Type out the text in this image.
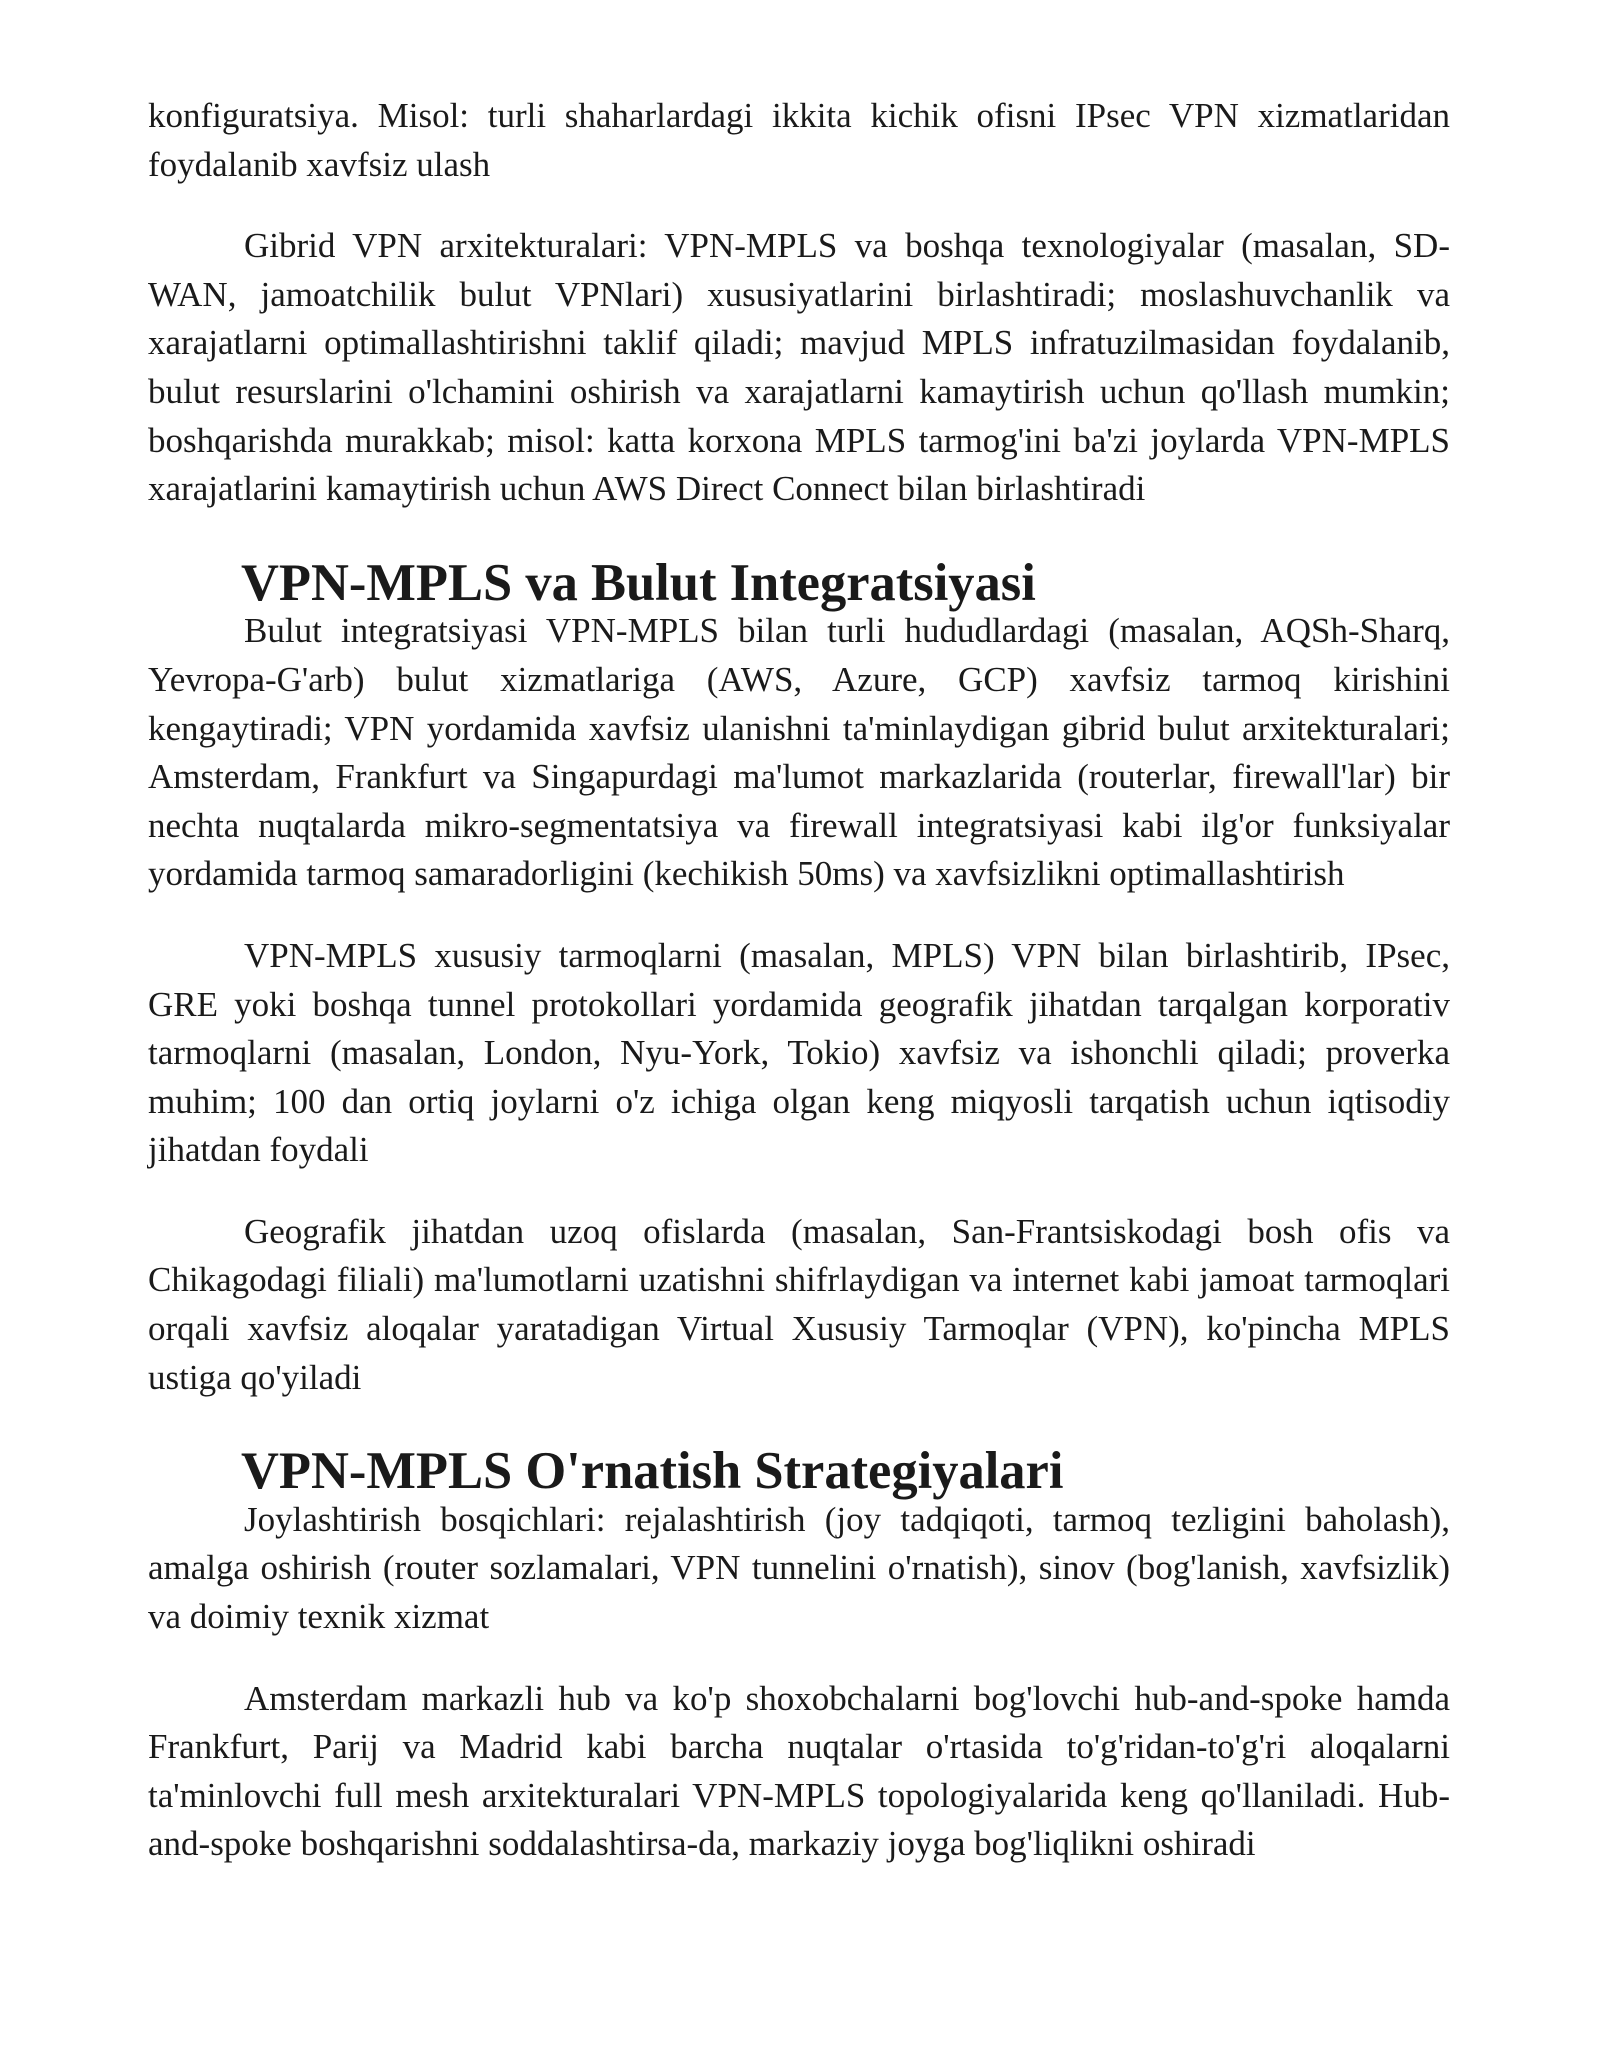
konfiguratsiya. Misol: turli shaharlardagi ikkita kichik ofisni IPsec VPN xizmatlaridan foydalanib xavfsiz ulash

Gibrid VPN arxitekturalari: VPN-MPLS va boshqa texnologiyalar (masalan, SD-WAN, jamoatchilik bulut VPNlari) xususiyatlarini birlashtiradi; moslashuvchanlik va xarajatlarni optimallashtirishni taklif qiladi; mavjud MPLS infratuzilmasidan foydalanib, bulut resurslarini o'lchamini oshirish va xarajatlarni kamaytirish uchun qo'llash mumkin; boshqarishda murakkab; misol: katta korxona MPLS tarmog'ini ba'zi joylarda VPN-MPLS xarajatlarini kamaytirish uchun AWS Direct Connect bilan birlashtiradi

VPN-MPLS va Bulut Integratsiyasi

Bulut integratsiyasi VPN-MPLS bilan turli hududlardagi (masalan, AQSh-Sharq, Yevropa-G'arb) bulut xizmatlariga (AWS, Azure, GCP) xavfsiz tarmoq kirishini kengaytiradi; VPN yordamida xavfsiz ulanishni ta'minlaydigan gibrid bulut arxitekturalari; Amsterdam, Frankfurt va Singapurdagi ma'lumot markazlarida (routerlar, firewall'lar) bir nechta nuqtalarda mikro-segmentatsiya va firewall integratsiyasi kabi ilg'or funksiyalar yordamida tarmoq samaradorligini (kechikish 50ms) va xavfsizlikni optimallashtirish

VPN-MPLS xususiy tarmoqlarni (masalan, MPLS) VPN bilan birlashtirib, IPsec, GRE yoki boshqa tunnel protokollari yordamida geografik jihatdan tarqalgan korporativ tarmoqlarni (masalan, London, Nyu-York, Tokio) xavfsiz va ishonchli qiladi; proverka muhim; 100 dan ortiq joylarni o'z ichiga olgan keng miqyosli tarqatish uchun iqtisodiy jihatdan foydali

Geografik jihatdan uzoq ofislarda (masalan, San-Frantsiskodagi bosh ofis va Chikagodagi filiali) ma'lumotlarni uzatishni shifrlaydigan va internet kabi jamoat tarmoqlari orqali xavfsiz aloqalar yaratadigan Virtual Xususiy Tarmoqlar (VPN), ko'pincha MPLS ustiga qo'yiladi

VPN-MPLS O'rnatish Strategiyalari

Joylashtirish bosqichlari: rejalashtirish (joy tadqiqoti, tarmoq tezligini baholash), amalga oshirish (router sozlamalari, VPN tunnelini o'rnatish), sinov (bog'lanish, xavfsizlik) va doimiy texnik xizmat

Amsterdam markazli hub va ko'p shoxobchalarni bog'lovchi hub-and-spoke hamda Frankfurt, Parij va Madrid kabi barcha nuqtalar o'rtasida to'g'ridan-to'g'ri aloqalarni ta'minlovchi full mesh arxitekturalari VPN-MPLS topologiyalarida keng qo'llaniladi. Hub-and-spoke boshqarishni soddalashtirsa-da, markaziy joyga bog'liqlikni oshiradi
